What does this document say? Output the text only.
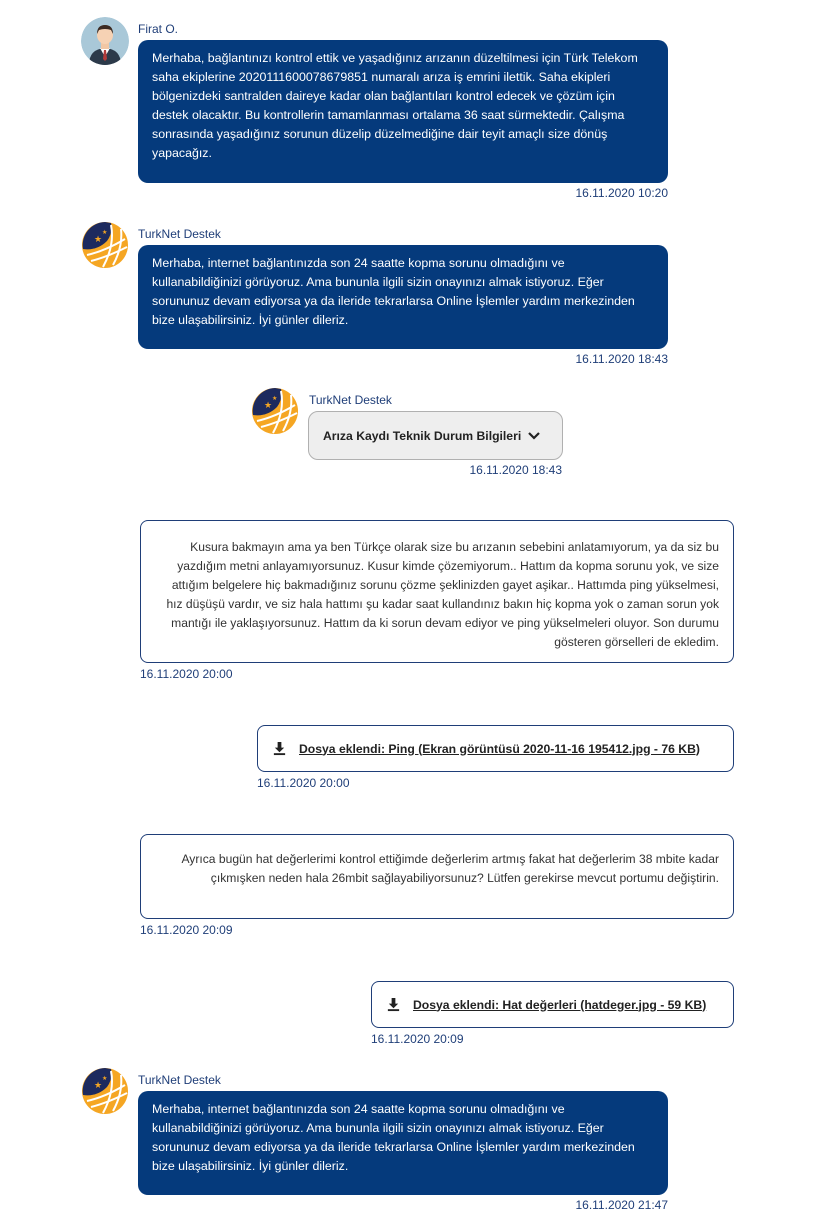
Firat O.
Merhaba, bağlantınızı kontrol ettik ve yaşadığınız arızanın düzeltilmesi için Türk Telekom saha ekiplerine 2020111600078679851 numaralı arıza iş emrini ilettik. Saha ekipleri bölgenizdeki santralden daireye kadar olan bağlantıları kontrol edecek ve çözüm için destek olacaktır. Bu kontrollerin tamamlanması ortalama 36 saat sürmektedir. Çalışma sonrasında yaşadığınız sorunun düzelip düzelmediğine dair teyit amaçlı size dönüş yapacağız.
16.11.2020 10:20
★
★	TurkNet Destek
Merhaba, internet bağlantınızda son 24 saatte kopma sorunu olmadığını ve kullanabildiğinizi görüyoruz. Ama bununla ilgili sizin onayınızı almak istiyoruz. Eğer sorununuz devam ediyorsa ya da ileride tekrarlarsa Online İşlemler yardım merkezinden bize ulaşabilirsiniz. İyi günler dileriz.
16.11.2020 18:43
★
★	TurkNet Destek
Arıza Kaydı Teknik Durum Bilgileri
16.11.2020 18:43
Kusura bakmayın ama ya ben Türkçe olarak size bu arızanın sebebini anlatamıyorum, ya da siz bu yazdığım metni anlayamıyorsunuz. Kusur kimde çözemiyorum.. Hattım da kopma sorunu yok, ve size attığım belgelere hiç bakmadığınız sorunu çözme şeklinizden gayet aşikar.. Hattımda ping yükselmesi, hız düşüşü vardır, ve siz hala hattımı şu kadar saat kullandınız bakın hiç kopma yok o zaman sorun yok mantığı ile yaklaşıyorsunuz. Hattım da ki sorun devam ediyor ve ping yükselmeleri oluyor. Son durumu gösteren görselleri de ekledim.
16.11.2020 20:00
Dosya eklendi: Ping (Ekran görüntüsü 2020-11-16 195412.jpg - 76 KB)
16.11.2020 20:00
Ayrıca bugün hat değerlerimi kontrol ettiğimde değerlerim artmış fakat hat değerlerim 38 mbite kadar çıkmışken neden hala 26mbit sağlayabiliyorsunuz? Lütfen gerekirse mevcut portumu değiştirin.
16.11.2020 20:09
Dosya eklendi: Hat değerleri (hatdeger.jpg - 59 KB)
16.11.2020 20:09
★
★	TurkNet Destek
Merhaba, internet bağlantınızda son 24 saatte kopma sorunu olmadığını ve kullanabildiğinizi görüyoruz. Ama bununla ilgili sizin onayınızı almak istiyoruz. Eğer sorununuz devam ediyorsa ya da ileride tekrarlarsa Online İşlemler yardım merkezinden bize ulaşabilirsiniz. İyi günler dileriz.
16.11.2020 21:47
